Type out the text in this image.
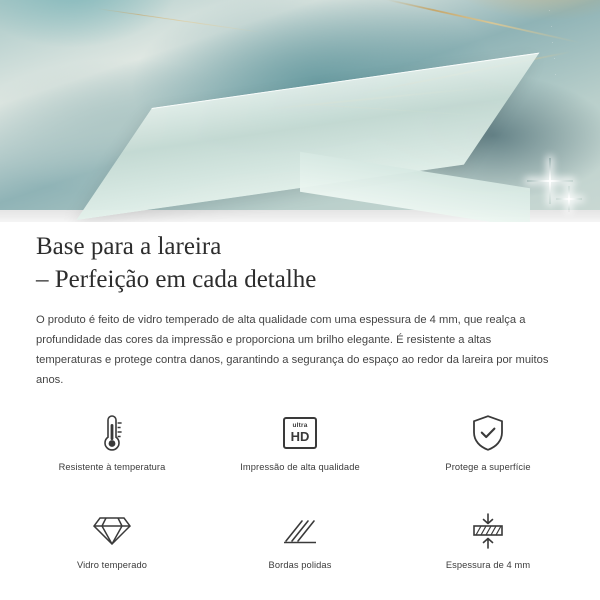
Base para a lareira
– Perfeição em cada detalhe

O produto é feito de vidro temperado de alta qualidade com uma espessura de 4 mm, que realça a profundidade das cores da impressão e proporciona um brilho elegante. É resistente a altas temperaturas e protege contra danos, garantindo a segurança do espaço ao redor da lareira por muitos anos.

Resistente à temperatura
ultra
HD
Impressão de alta qualidade	Protege a superfície
Vidro temperado	Bordas polidas	Espessura de 4 mm
